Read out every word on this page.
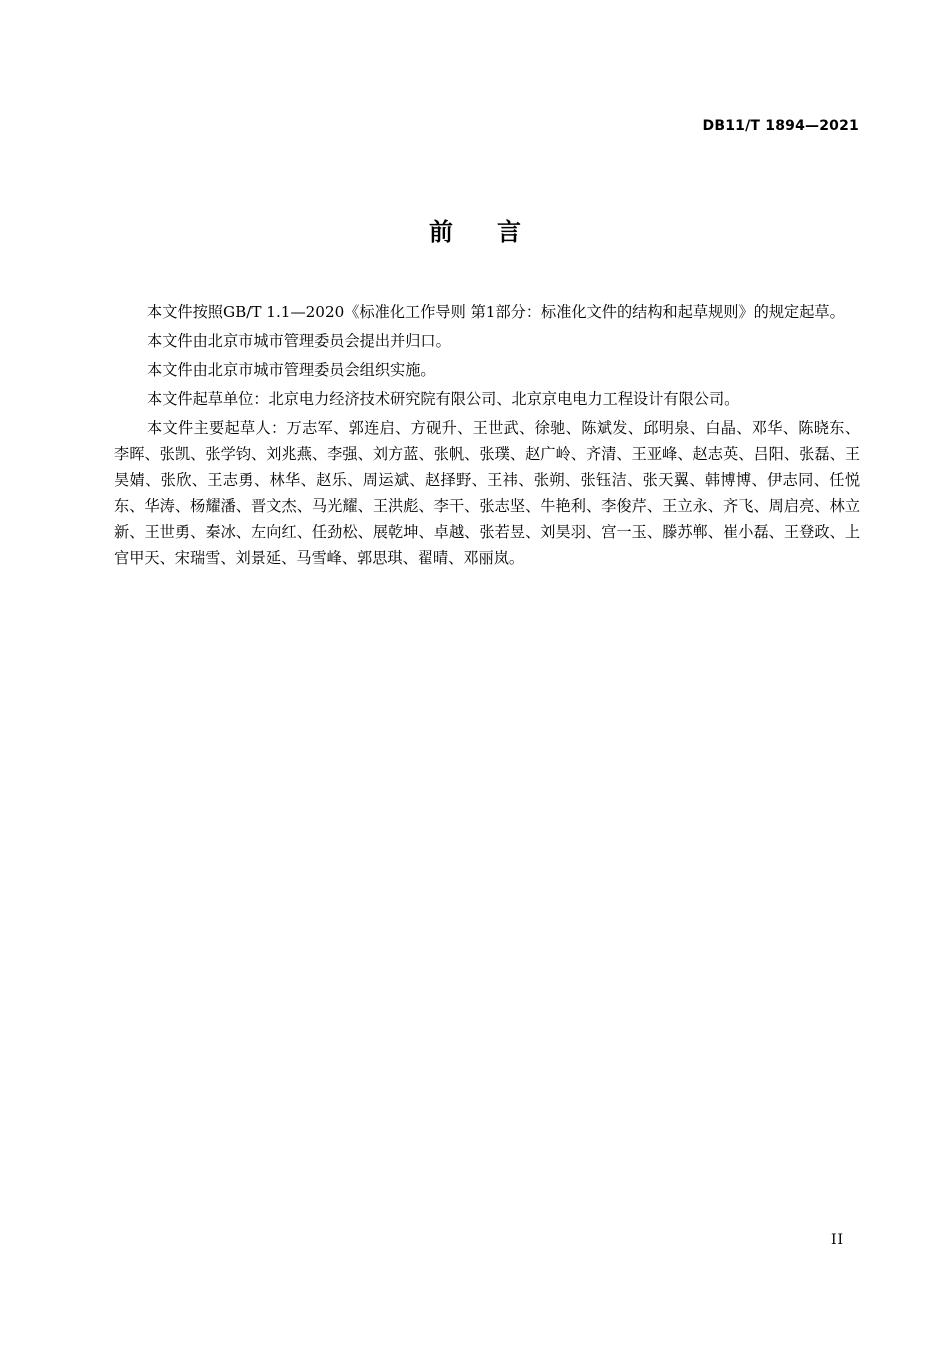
DB11/T 1894—2021
前言

本文件按照GB/T 1.1—2020《标准化工作导则 第1部分：标准化文件的结构和起草规则》的规定起草。

本文件由北京市城市管理委员会提出并归口。

本文件由北京市城市管理委员会组织实施。

本文件起草单位：北京电力经济技术研究院有限公司、北京京电电力工程设计有限公司。

本文件主要起草人：万志军、郭连启、方砚升、王世武、徐驰、陈斌发、邱明泉、白晶、邓华、陈晓东、李晖、张凯、张学钧、刘兆燕、李强、刘方蓝、张帆、张璞、赵广岭、齐清、王亚峰、赵志英、吕阳、张磊、王昊婧、张欣、王志勇、林华、赵乐、周运斌、赵择野、王祎、张朔、张钰洁、张天翼、韩博博、伊志同、任悦东、华涛、杨耀潘、晋文杰、马光耀、王洪彪、李干、张志坚、牛艳利、李俊芹、王立永、齐飞、周启亮、林立新、王世勇、秦冰、左向红、任劲松、展乾坤、卓越、张若昱、刘昊羽、宫一玉、滕苏郸、崔小磊、王登政、上官甲天、宋瑞雪、刘景延、马雪峰、郭思琪、翟晴、邓丽岚。

II
